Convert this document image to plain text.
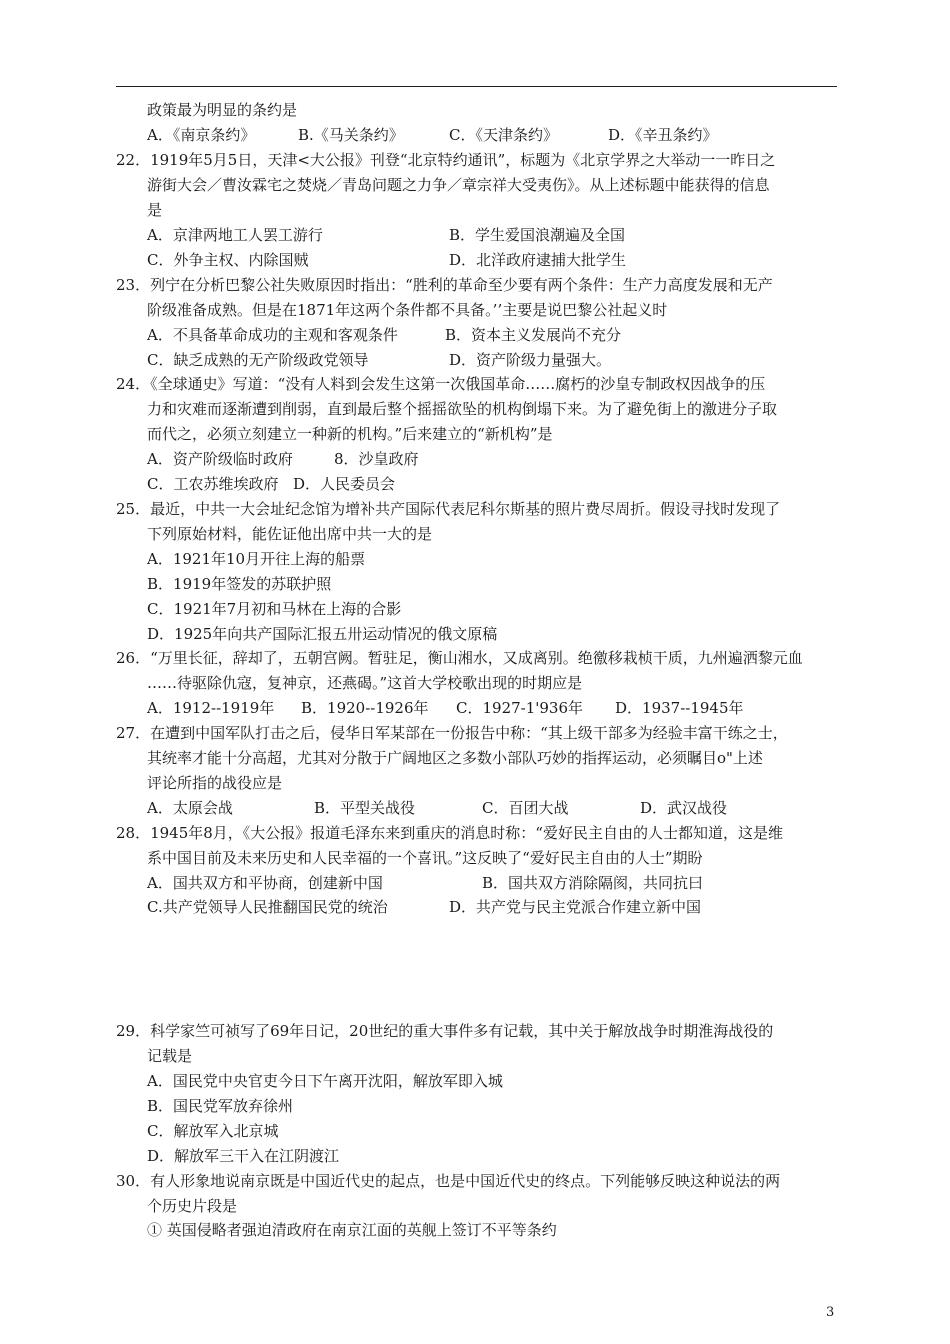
政策最为明显的条约是
A．《南京条约》	B.《马关条约》	C．《天津条约》	D．《辛丑条约》
22．1919年5月5日，天津<大公报》刊登“北京特约通讯”，标题为《北京学界之大举动一一昨日之
游街大会／曹汝霖宅之焚烧／青岛问题之力争／章宗祥大受夷伤》。从上述标题中能获得的信息
是
A．京津两地工人罢工游行	B．学生爱国浪潮遍及全国
C．外争主权、内除国贼	D．北洋政府逮捕大批学生
23．列宁在分析巴黎公社失败原因时指出：“胜利的革命至少要有两个条件：生产力高度发展和无产
阶级准备成熟。但是在1871年这两个条件都不具备。’’主要是说巴黎公社起义时
A．不具备革命成功的主观和客观条件	B．资本主义发展尚不充分
C．缺乏成熟的无产阶级政党领导	D．资产阶级力量强大。
24．《全球通史》写道：“没有人料到会发生这第一次俄国革命……腐朽的沙皇专制政权因战争的压
力和灾难而逐渐遭到削弱，直到最后整个摇摇欲坠的机构倒塌下来。为了避免街上的激进分子取
而代之，必须立刻建立一种新的机构。”后来建立的“新机构”是
A．资产阶级临时政府	8．沙皇政府
C．工农苏维埃政府 D．人民委员会
25．最近，中共一大会址纪念馆为增补共产国际代表尼科尔斯基的照片费尽周折。假设寻找时发现了
下列原始材料，能佐证他出席中共一大的是
A．1921年10月开往上海的船票
B．1919年签发的苏联护照
C．1921年7月初和马林在上海的合影
D．1925年向共产国际汇报五卅运动情况的俄文原稿
26．“万里长征，辞却了，五朝宫阙。暂驻足，衡山湘水，又成离别。绝徼移栽桢干质，九州遍洒黎元血
……待驱除仇寇，复神京，还燕碣。”这首大学校歌出现的时期应是
A．1912--1919年 B．1920--1926年 C．1927-1'936年 D．1937--1945年
27．在遭到中国军队打击之后，侵华日军某部在一份报告中称：“其上级干部多为经验丰富干练之士，
其统率才能十分高超，尤其对分散于广阔地区之多数小部队巧妙的指挥运动，必须瞩目o"上述
评论所指的战役应是
A．太原会战	B．平型关战役	C．百团大战	D．武汉战役
28．1945年8月，《大公报》报道毛泽东来到重庆的消息时称：“爱好民主自由的人士都知道，这是维
系中国目前及未来历史和人民幸福的一个喜讯。”这反映了“爱好民主自由的人士”期盼
A．国共双方和平协商，创建新中国	B．国共双方消除隔阂，共同抗曰
C.共产党领导人民推翻国民党的统治	D．共产党与民主党派合作建立新中国
29．科学家竺可祯写了69年日记，20世纪的重大事件多有记载，其中关于解放战争时期淮海战役的
记载是
A．国民党中央官吏今日下午离开沈阳，解放军即入城
B．国民党军放弃徐州
C．解放军入北京城
D．解放军三干入在江阴渡江
30．有人形象地说南京既是中国近代史的起点，也是中国近代史的终点。下列能够反映这种说法的两
个历史片段是
① 英国侵略者强迫清政府在南京江面的英舰上签订不平等条约
3
